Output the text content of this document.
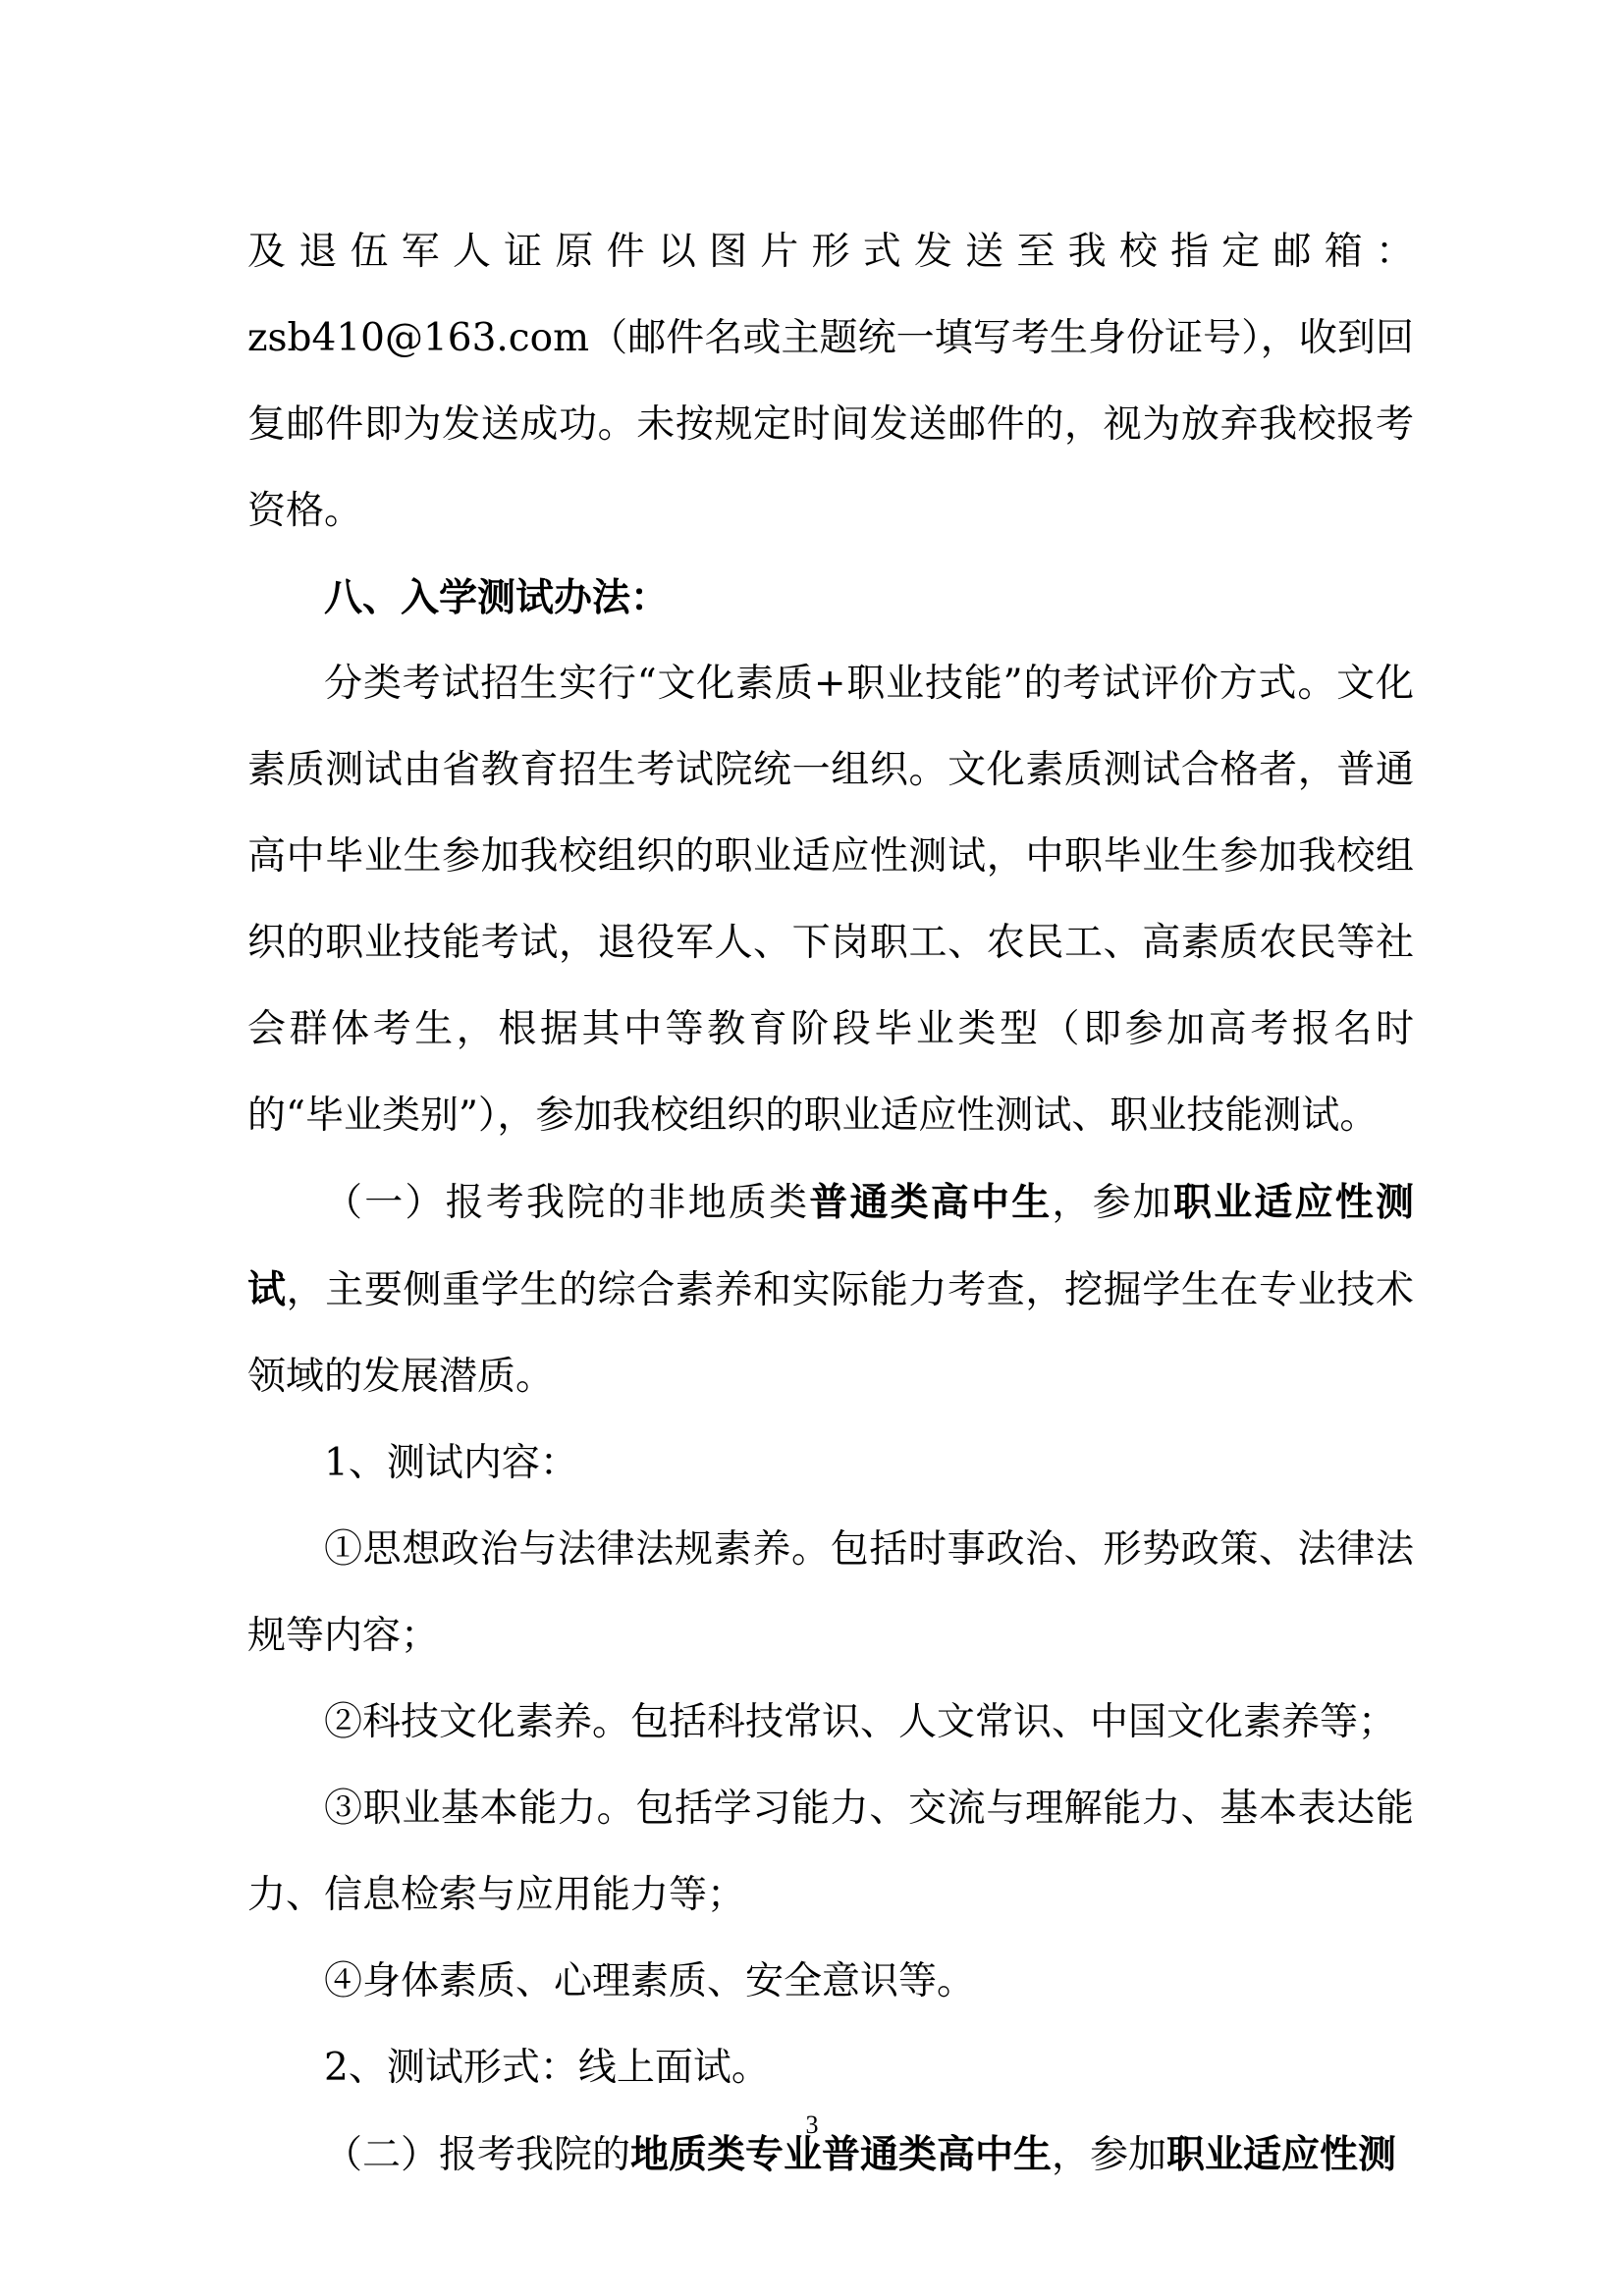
及退伍军人证原件以图片形式发送至我校指定邮箱：zsb410@163.com（邮件名或主题统一填写考生身份证号），收到回复邮件即为发送成功。未按规定时间发送邮件的，视为放弃我校报考资格。

八、入学测试办法：

分类考试招生实行“文化素质+职业技能”的考试评价方式。文化素质测试由省教育招生考试院统一组织。文化素质测试合格者，普通高中毕业生参加我校组织的职业适应性测试，中职毕业生参加我校组织的职业技能考试，退役军人、下岗职工、农民工、高素质农民等社会群体考生，根据其中等教育阶段毕业类型（即参加高考报名时的“毕业类别”），参加我校组织的职业适应性测试、职业技能测试。

（一）报考我院的非地质类普通类高中生，参加职业适应性测试，主要侧重学生的综合素养和实际能力考查，挖掘学生在专业技术领域的发展潜质。

1、测试内容：

①思想政治与法律法规素养。包括时事政治、形势政策、法律法规等内容；

②科技文化素养。包括科技常识、人文常识、中国文化素养等；

③职业基本能力。包括学习能力、交流与理解能力、基本表达能力、信息检索与应用能力等；

④身体素质、心理素质、安全意识等。

2、测试形式：线上面试。

（二）报考我院的地质类专业普通类高中生，参加职业适应性测

3
